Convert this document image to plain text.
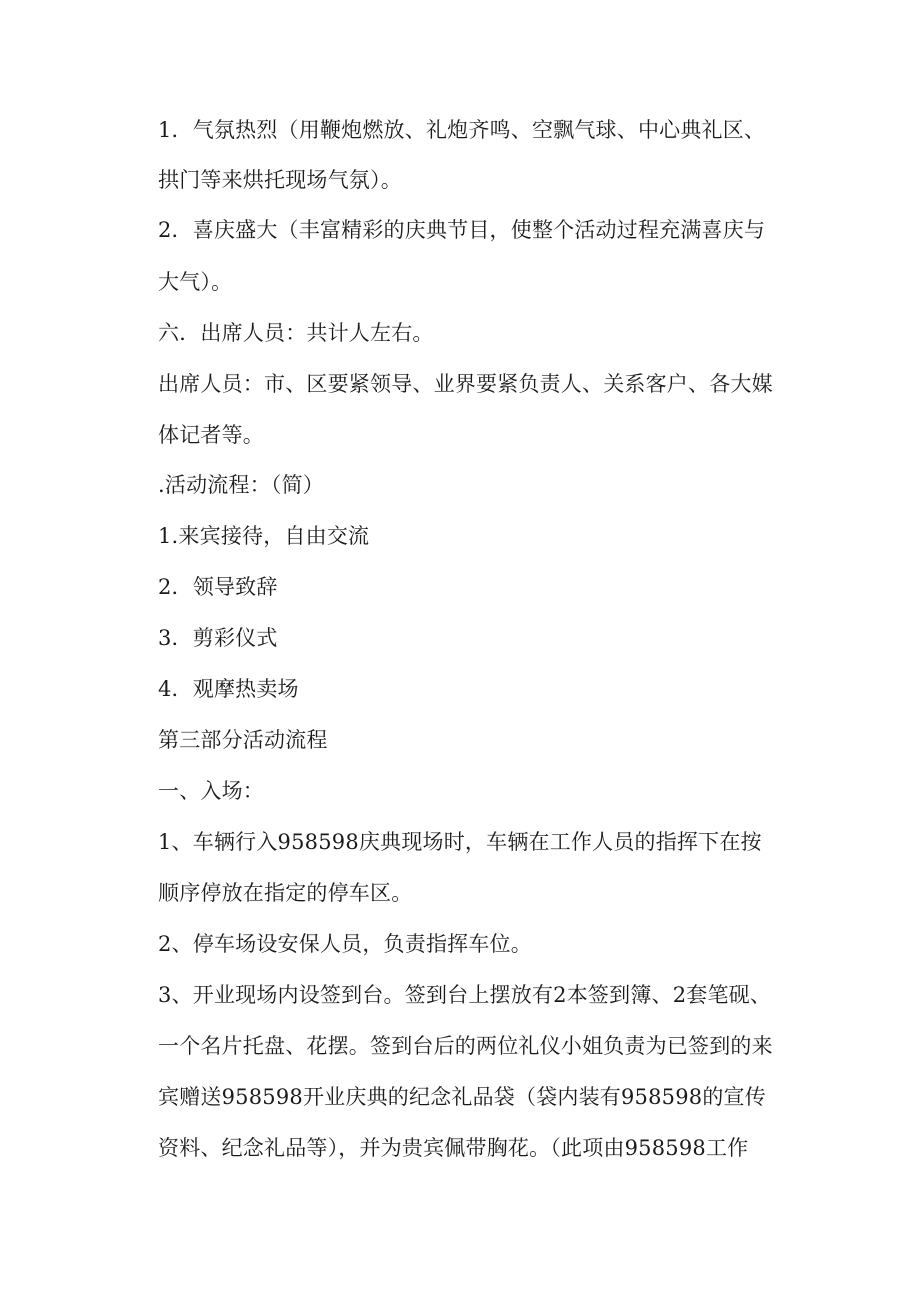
1．气氛热烈（用鞭炮燃放、礼炮齐鸣、空飘气球、中心典礼区、
拱门等来烘托现场气氛）。
2．喜庆盛大（丰富精彩的庆典节目，使整个活动过程充满喜庆与
大气）。
六．出席人员：共计人左右。
出席人员：市、区要紧领导、业界要紧负责人、关系客户、各大媒
体记者等。
.活动流程：（简）
1.来宾接待，自由交流
2．领导致辞
3．剪彩仪式
4．观摩热卖场
第三部分活动流程
一、入场：
1、车辆行入958598庆典现场时，车辆在工作人员的指挥下在按
顺序停放在指定的停车区。
2、停车场设安保人员，负责指挥车位。
3、开业现场内设签到台。签到台上摆放有2本签到簿、2套笔砚、
一个名片托盘、花摆。签到台后的两位礼仪小姐负责为已签到的来
宾赠送958598开业庆典的纪念礼品袋（袋内装有958598的宣传
资料、纪念礼品等），并为贵宾佩带胸花。（此项由958598工作
